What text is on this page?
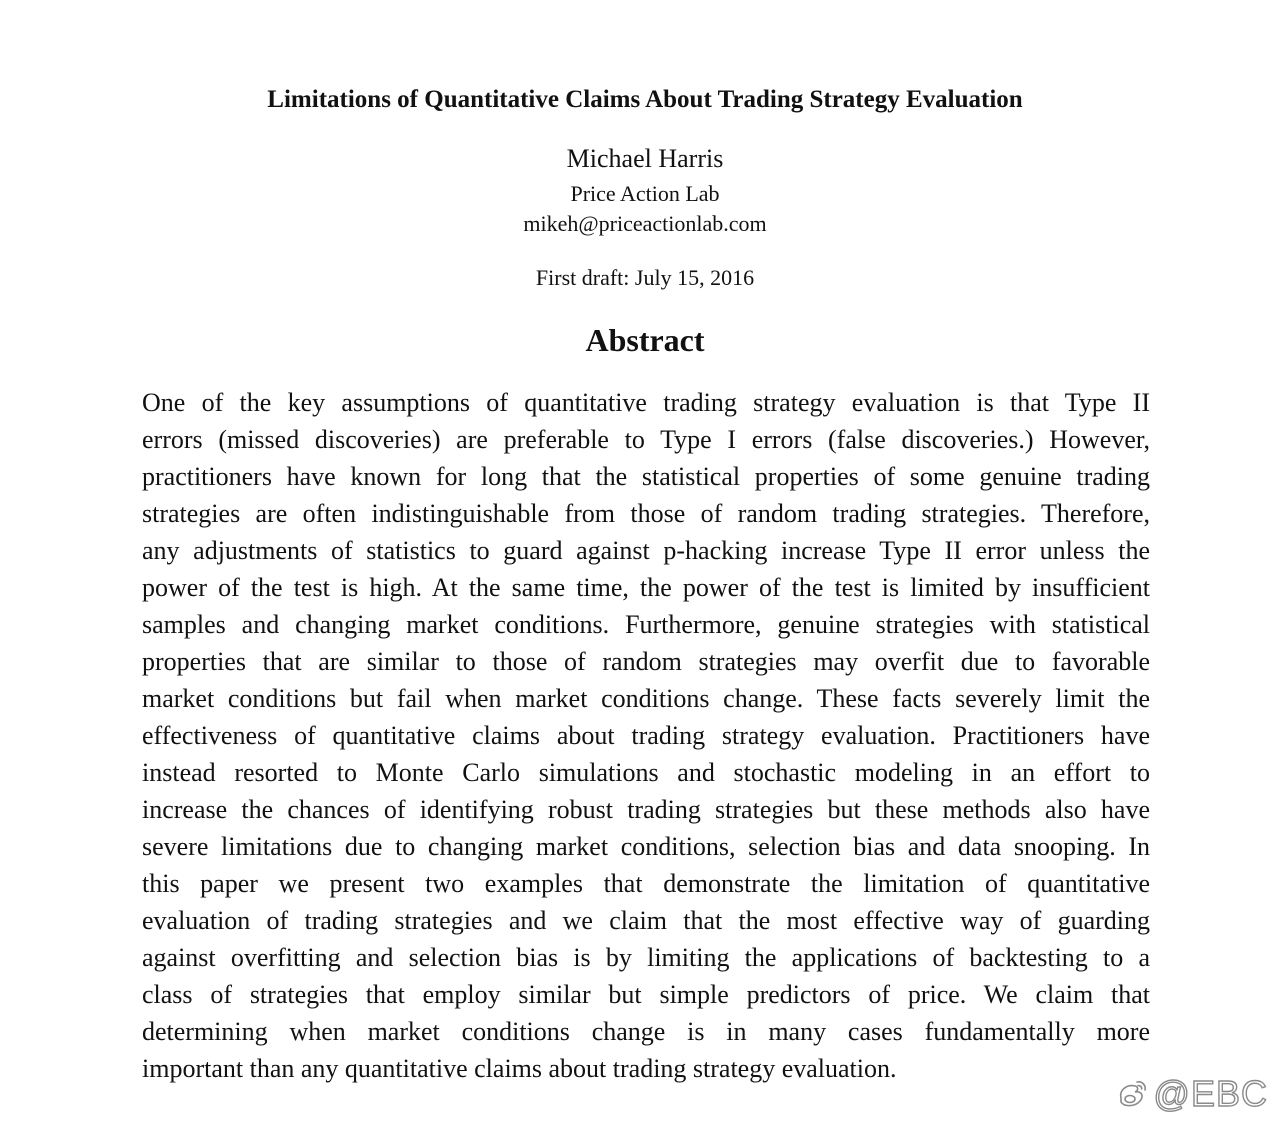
Limitations of Quantitative Claims About Trading Strategy Evaluation
Michael Harris
Price Action Lab
mikeh@priceactionlab.com
First draft: July 15, 2016
Abstract
One of the key assumptions of quantitative trading strategy evaluation is that Type II
errors (missed discoveries) are preferable to Type I errors (false discoveries.) However,
practitioners have known for long that the statistical properties of some genuine trading
strategies are often indistinguishable from those of random trading strategies. Therefore,
any adjustments of statistics to guard against p-hacking increase Type II error unless the
power of the test is high. At the same time, the power of the test is limited by insufficient
samples and changing market conditions. Furthermore, genuine strategies with statistical
properties that are similar to those of random strategies may overfit due to favorable
market conditions but fail when market conditions change. These facts severely limit the
effectiveness of quantitative claims about trading strategy evaluation. Practitioners have
instead resorted to Monte Carlo simulations and stochastic modeling in an effort to
increase the chances of identifying robust trading strategies but these methods also have
severe limitations due to changing market conditions, selection bias and data snooping. In
this paper we present two examples that demonstrate the limitation of quantitative
evaluation of trading strategies and we claim that the most effective way of guarding
against overfitting and selection bias is by limiting the applications of backtesting to a
class of strategies that employ similar but simple predictors of price. We claim that
determining when market conditions change is in many cases fundamentally more
important than any quantitative claims about trading strategy evaluation.
@EBC
